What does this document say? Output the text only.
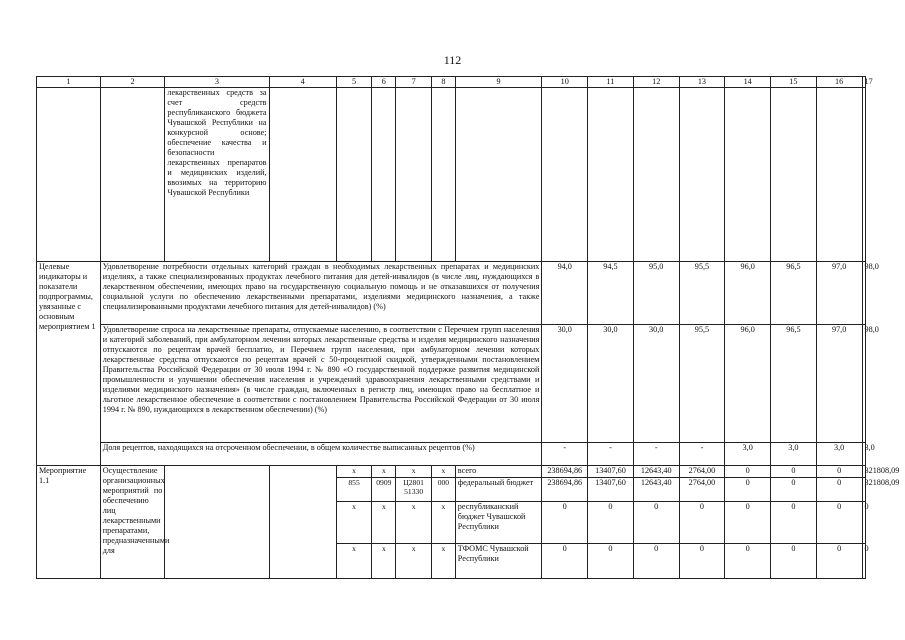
112
1	2	3	4	5	6	7	8	9	10	11	12	13	14	15	16	17
		лекарственных средств за счет средств республиканского бюджета Чувашской Республики на конкурсной основе; обеспечение качества и безопасности лекарственных препаратов и медицинских изделий, ввозимых на территорию Чувашской Республики														
Целевые индикаторы и показатели подпрограммы, увязанные с основным мероприятием 1	Удовлетворение потребности отдельных категорий граждан в необходимых лекарственных препаратах и медицинских изделиях, а также специализированных продуктах лечебного питания для детей-инвалидов (в числе лиц, нуждающихся в лекарственном обеспечении, имеющих право на государственную социальную помощь и не отказавшихся от получения социальной услуги по обеспечению лекарственными препаратами, изделиями медицинского назначения, а также специализированными продуктами лечебного питания для детей-инвалидов) (%)								94,0	94,5	95,0	95,5	96,0	96,5	97,0	98,0
	Удовлетворение спроса на лекарственные препараты, отпускаемые населению, в соответствии с Перечнем групп населения и категорий заболеваний, при амбулаторном лечении которых лекарственные средства и изделия медицинского назначения отпускаются по рецептам врачей бесплатно, и Перечнем групп населения, при амбулаторном лечении которых лекарственные средства отпускаются по рецептам врачей с 50-процентной скидкой, утвержденными постановлением Правительства Российской Федерации от 30 июля 1994 г. № 890 «О государственной поддержке развития медицинской промышленности и улучшении обеспечения населения и учреждений здравоохранения лекарственными средствами и изделиями медицинского назначения» (в числе граждан, включенных в регистр лиц, имеющих право на бесплатное и льготное лекарственное обеспечение в соответствии с постановлением Правительства Российской Федерации от 30 июля 1994 г. № 890, нуждающихся в лекарственном обеспечении) (%)								30,0	30,0	30,0	95,5	96,0	96,5	97,0	98,0
	Доля рецептов, находящихся на отсроченном обеспечении, в общем количестве выписанных рецептов (%)								-	-	-	-	3,0	3,0	3,0	3,0
Мероприятие 1.1	Осуществление организационных мероприятий по обеспечению лиц лекарственными препаратами, предназначенными для			x	x	x	x	всего	238694,86	13407,60	12643,40	2764,00	0	0	0	321808,09
				855	0909	Ц2801 51330	000	федеральный бюджет	238694,86	13407,60	12643,40	2764,00	0	0	0	321808,09
				x	x	x	x	республиканский бюджет Чувашской Республики	0	0	0	0	0	0	0	0
				x	x	x	x	ТФОМС Чувашской Республики	0	0	0	0	0	0	0	0
